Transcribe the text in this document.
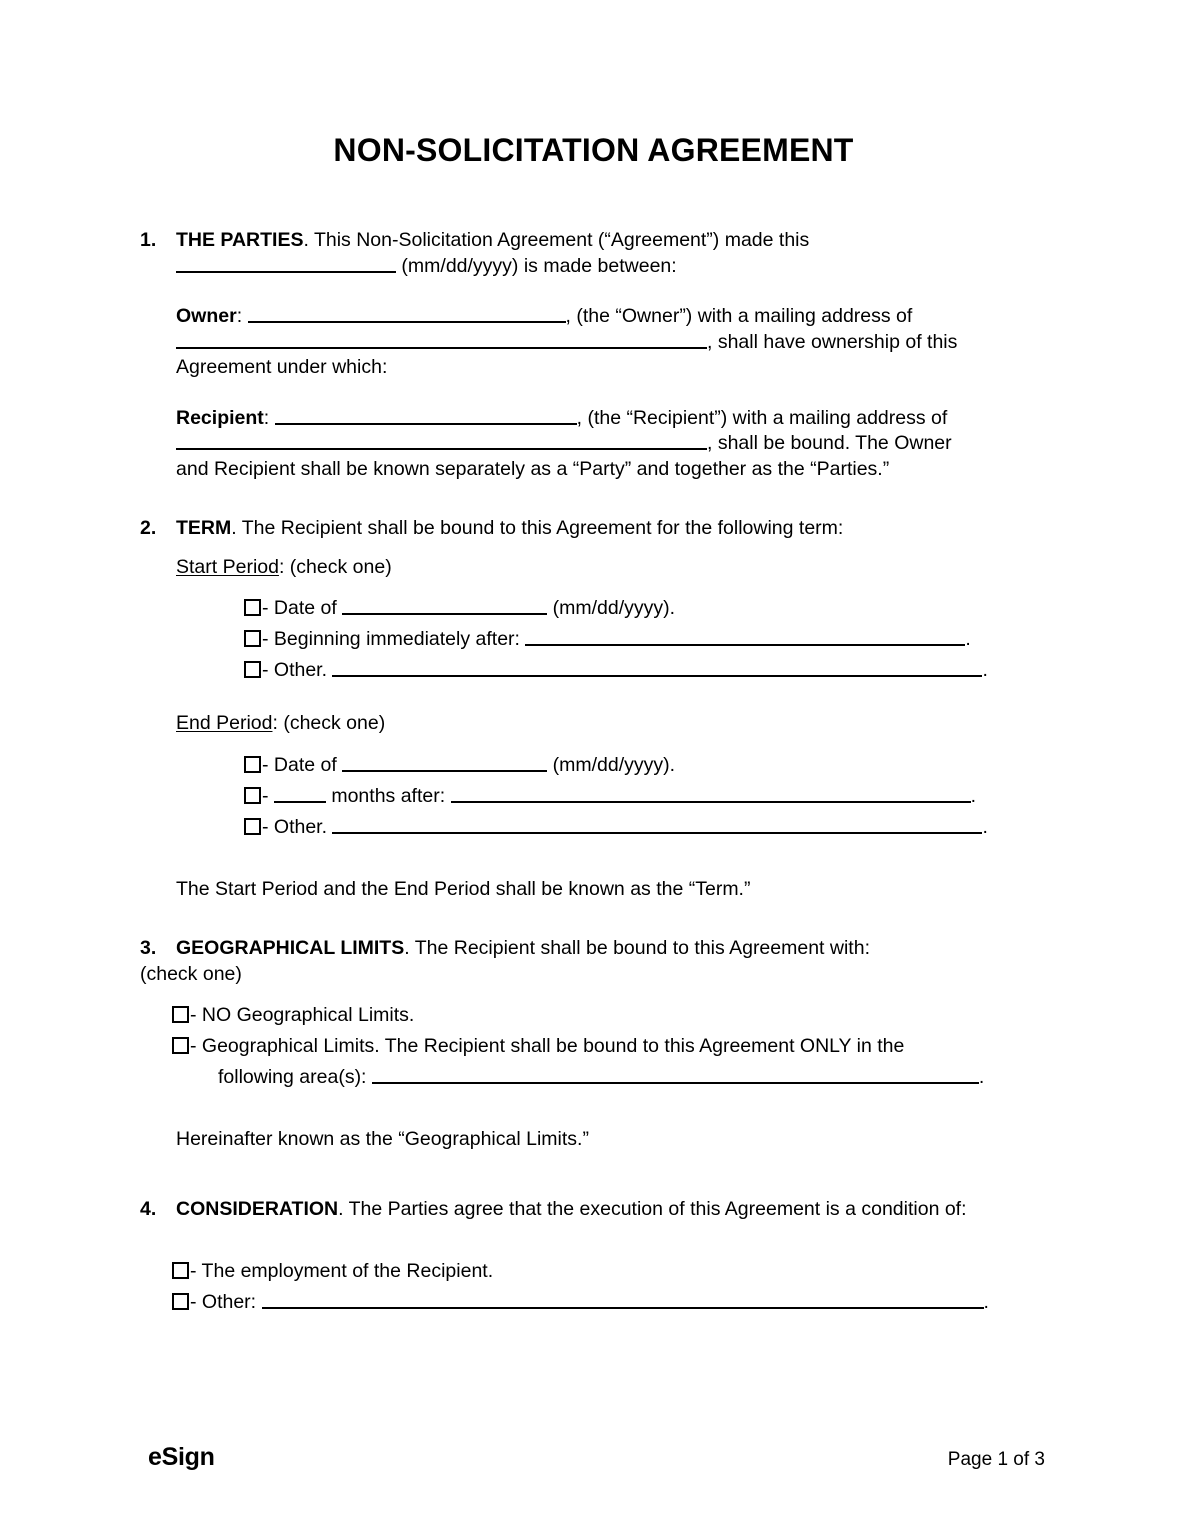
NON-SOLICITATION AGREEMENT
1. THE PARTIES. This Non-Solicitation Agreement (“Agreement”) made this
(mm/dd/yyyy) is made between:
Owner:	, (the “Owner”) with a mailing address of
, shall have ownership of this
Agreement under which:
Recipient:	, (the “Recipient”) with a mailing address of
, shall be bound. The Owner
and Recipient shall be known separately as a “Party” and together as the “Parties.”
2. TERM. The Recipient shall be bound to this Agreement for the following term:
Start Period: (check one)
- Date of	(mm/dd/yyyy).
- Beginning immediately after:	.
- Other.	.
End Period: (check one)
- Date of	(mm/dd/yyyy).
-	months after:	.
- Other.	.
The Start Period and the End Period shall be known as the “Term.”
3. GEOGRAPHICAL LIMITS. The Recipient shall be bound to this Agreement with:
(check one)
- NO Geographical Limits.
- Geographical Limits. The Recipient shall be bound to this Agreement ONLY in the
following area(s):	.
Hereinafter known as the “Geographical Limits.”
4. CONSIDERATION. The Parties agree that the execution of this Agreement is a condition of:
- The employment of the Recipient.
- Other:	.
eSign	Page 1 of 3
